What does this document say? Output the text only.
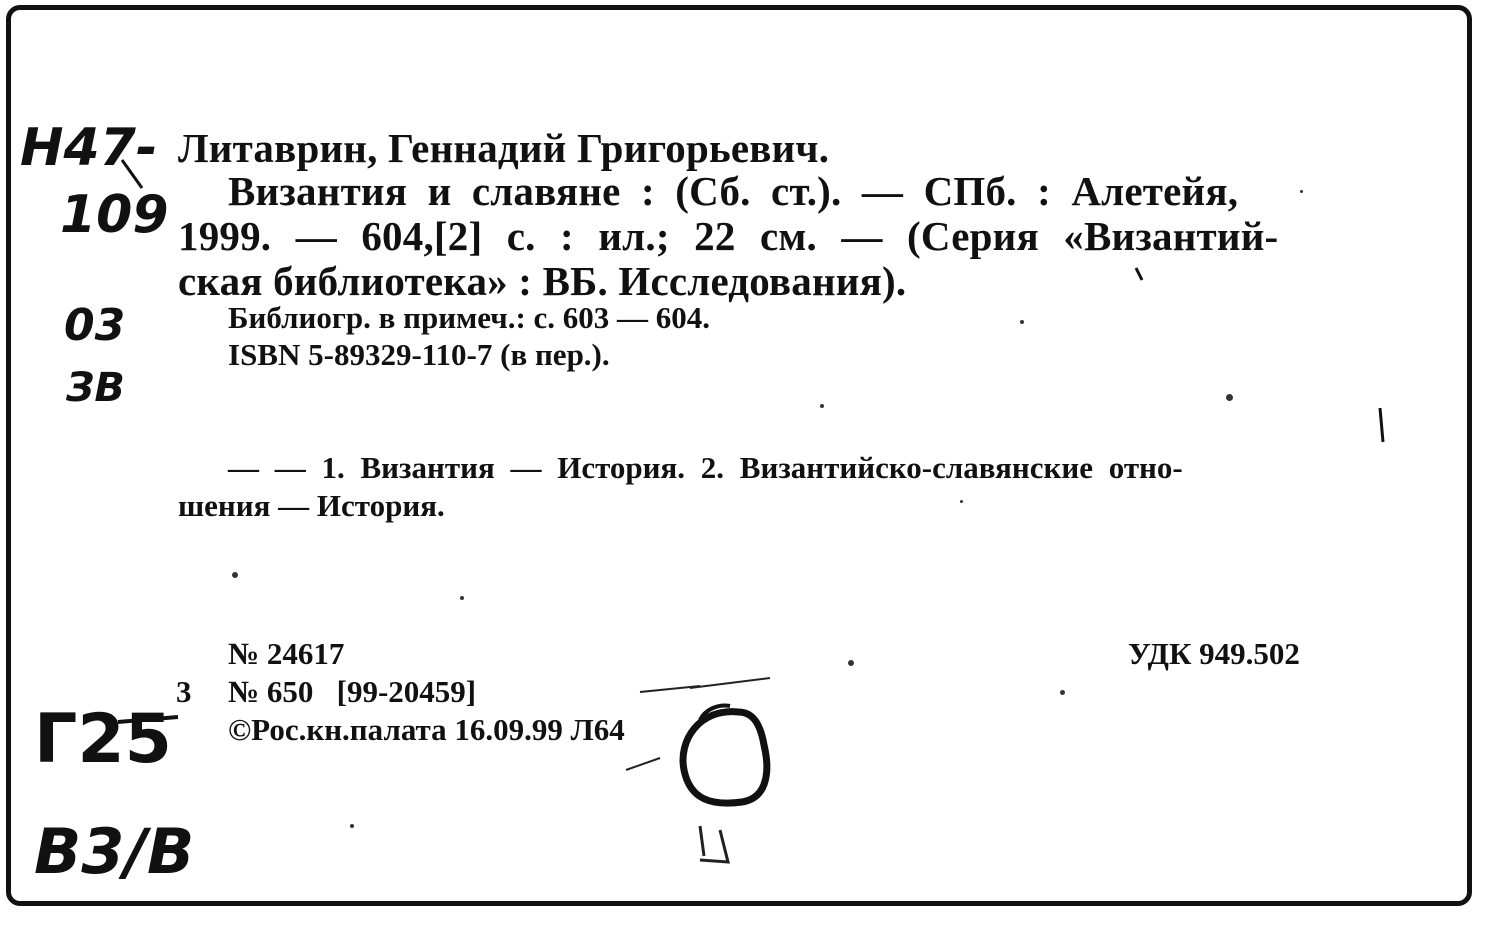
Н47-
109
03
ЗВ
Г25
В3/В
Литаврин, Геннадий Григорьевич.
Византия и славяне : (Сб. ст.). — СПб. : Алетейя,
1999. — 604,[2] с. : ил.; 22 см. — (Серия «Византий-
ская библиотека» : ВБ. Исследования).
Библиогр. в примеч.: с. 603 — 604.
ISBN 5-89329-110-7 (в пер.).
— — 1. Византия — История. 2. Византийско-славянские отно-
шения — История.
№ 24617	УДК 949.502
3 № 650   [99-20459]
©Рос.кн.палата 16.09.99 Л64
